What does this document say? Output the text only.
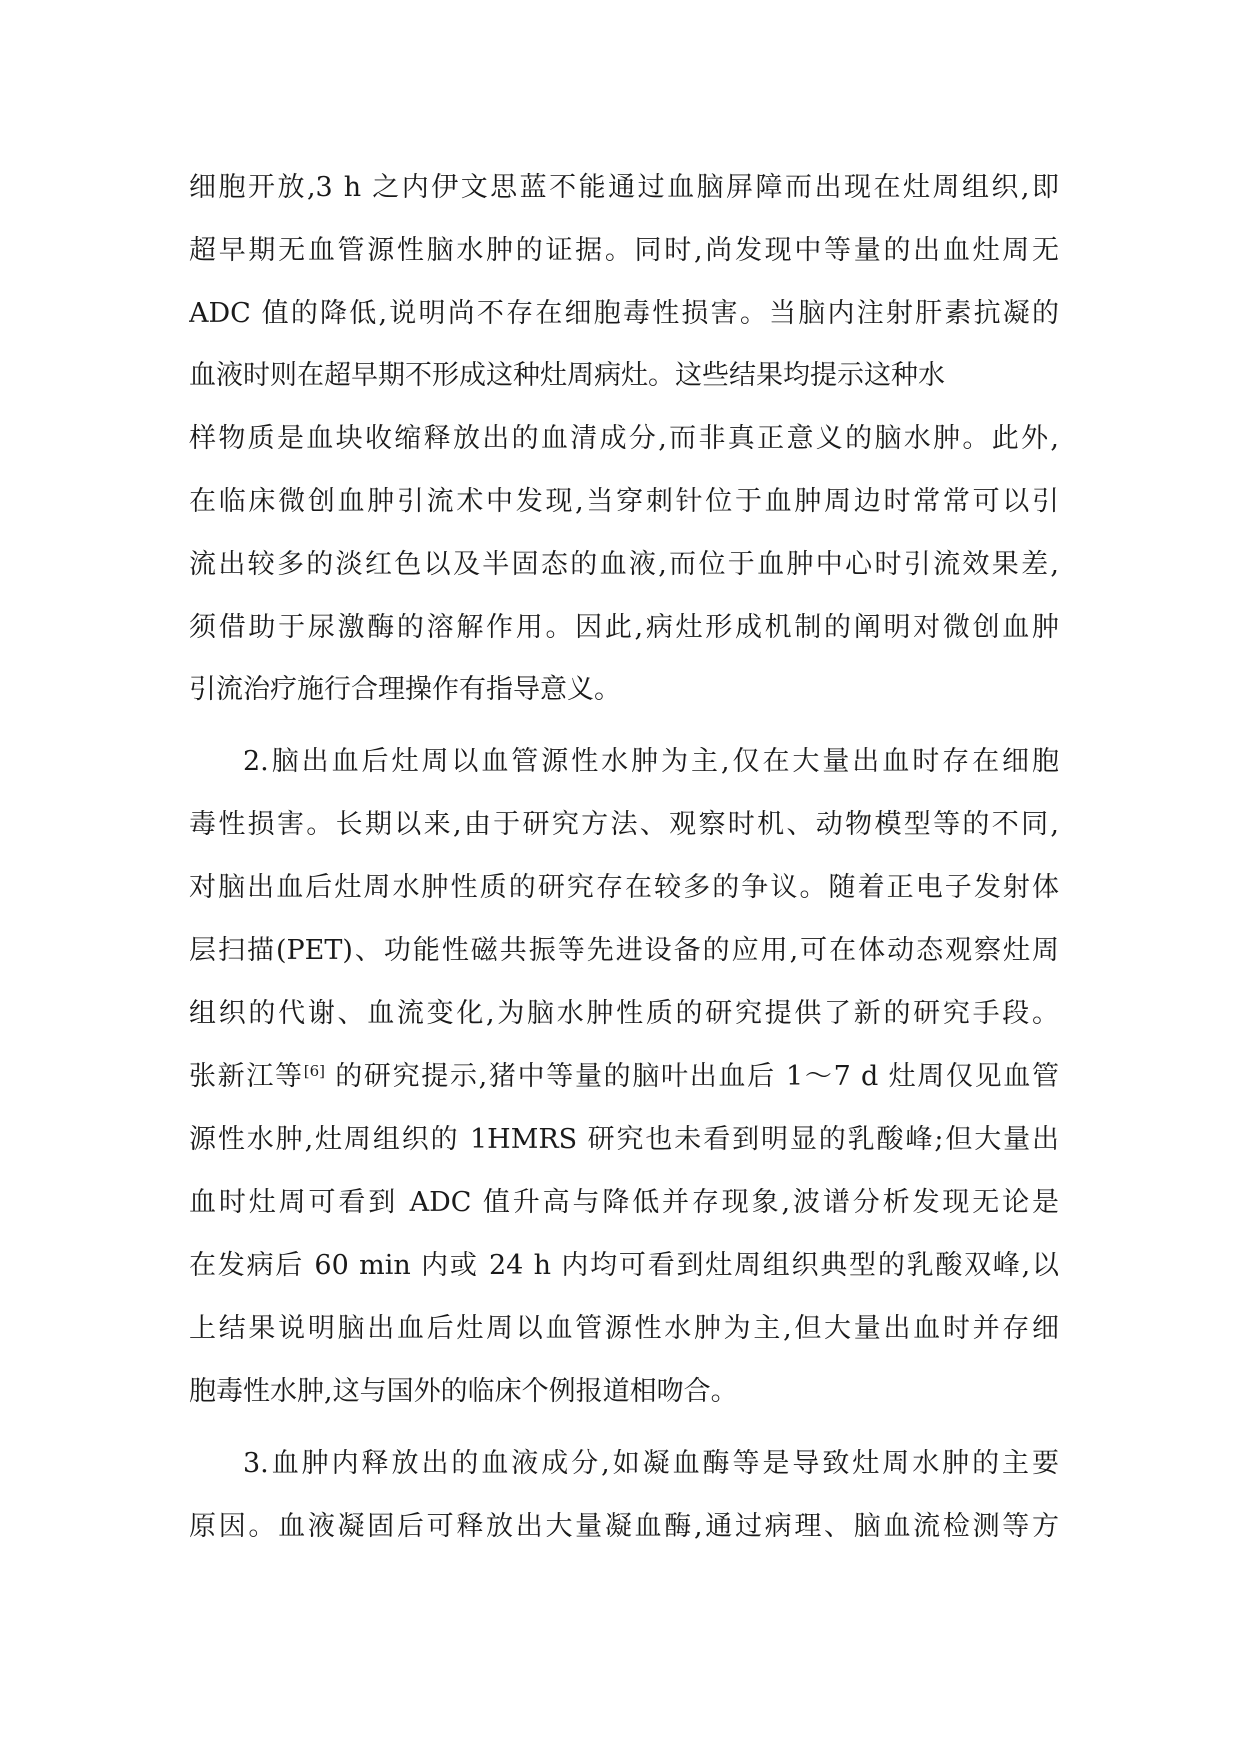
细胞开放,3 h 之内伊文思蓝不能通过血脑屏障而出现在灶周组织,即
超早期无血管源性脑水肿的证据。同时,尚发现中等量的出血灶周无
ADC 值的降低,说明尚不存在细胞毒性损害。当脑内注射肝素抗凝的
血液时则在超早期不形成这种灶周病灶。这些结果均提示这种水
样物质是血块收缩释放出的血清成分,而非真正意义的脑水肿。此外,
在临床微创血肿引流术中发现,当穿刺针位于血肿周边时常常可以引
流出较多的淡红色以及半固态的血液,而位于血肿中心时引流效果差,
须借助于尿激酶的溶解作用。因此,病灶形成机制的阐明对微创血肿
引流治疗施行合理操作有指导意义。
2.脑出血后灶周以血管源性水肿为主,仅在大量出血时存在细胞
毒性损害。长期以来,由于研究方法、观察时机、动物模型等的不同,
对脑出血后灶周水肿性质的研究存在较多的争议。随着正电子发射体
层扫描(PET)、功能性磁共振等先进设备的应用,可在体动态观察灶周
组织的代谢、血流变化,为脑水肿性质的研究提供了新的研究手段。
张新江等[6] 的研究提示,猪中等量的脑叶出血后 1～7 d 灶周仅见血管
源性水肿,灶周组织的 1HMRS 研究也未看到明显的乳酸峰;但大量出
血时灶周可看到 ADC 值升高与降低并存现象,波谱分析发现无论是
在发病后 60 min 内或 24 h 内均可看到灶周组织典型的乳酸双峰,以
上结果说明脑出血后灶周以血管源性水肿为主,但大量出血时并存细
胞毒性水肿,这与国外的临床个例报道相吻合。
3.血肿内释放出的血液成分,如凝血酶等是导致灶周水肿的主要
原因。血液凝固后可释放出大量凝血酶,通过病理、脑血流检测等方
